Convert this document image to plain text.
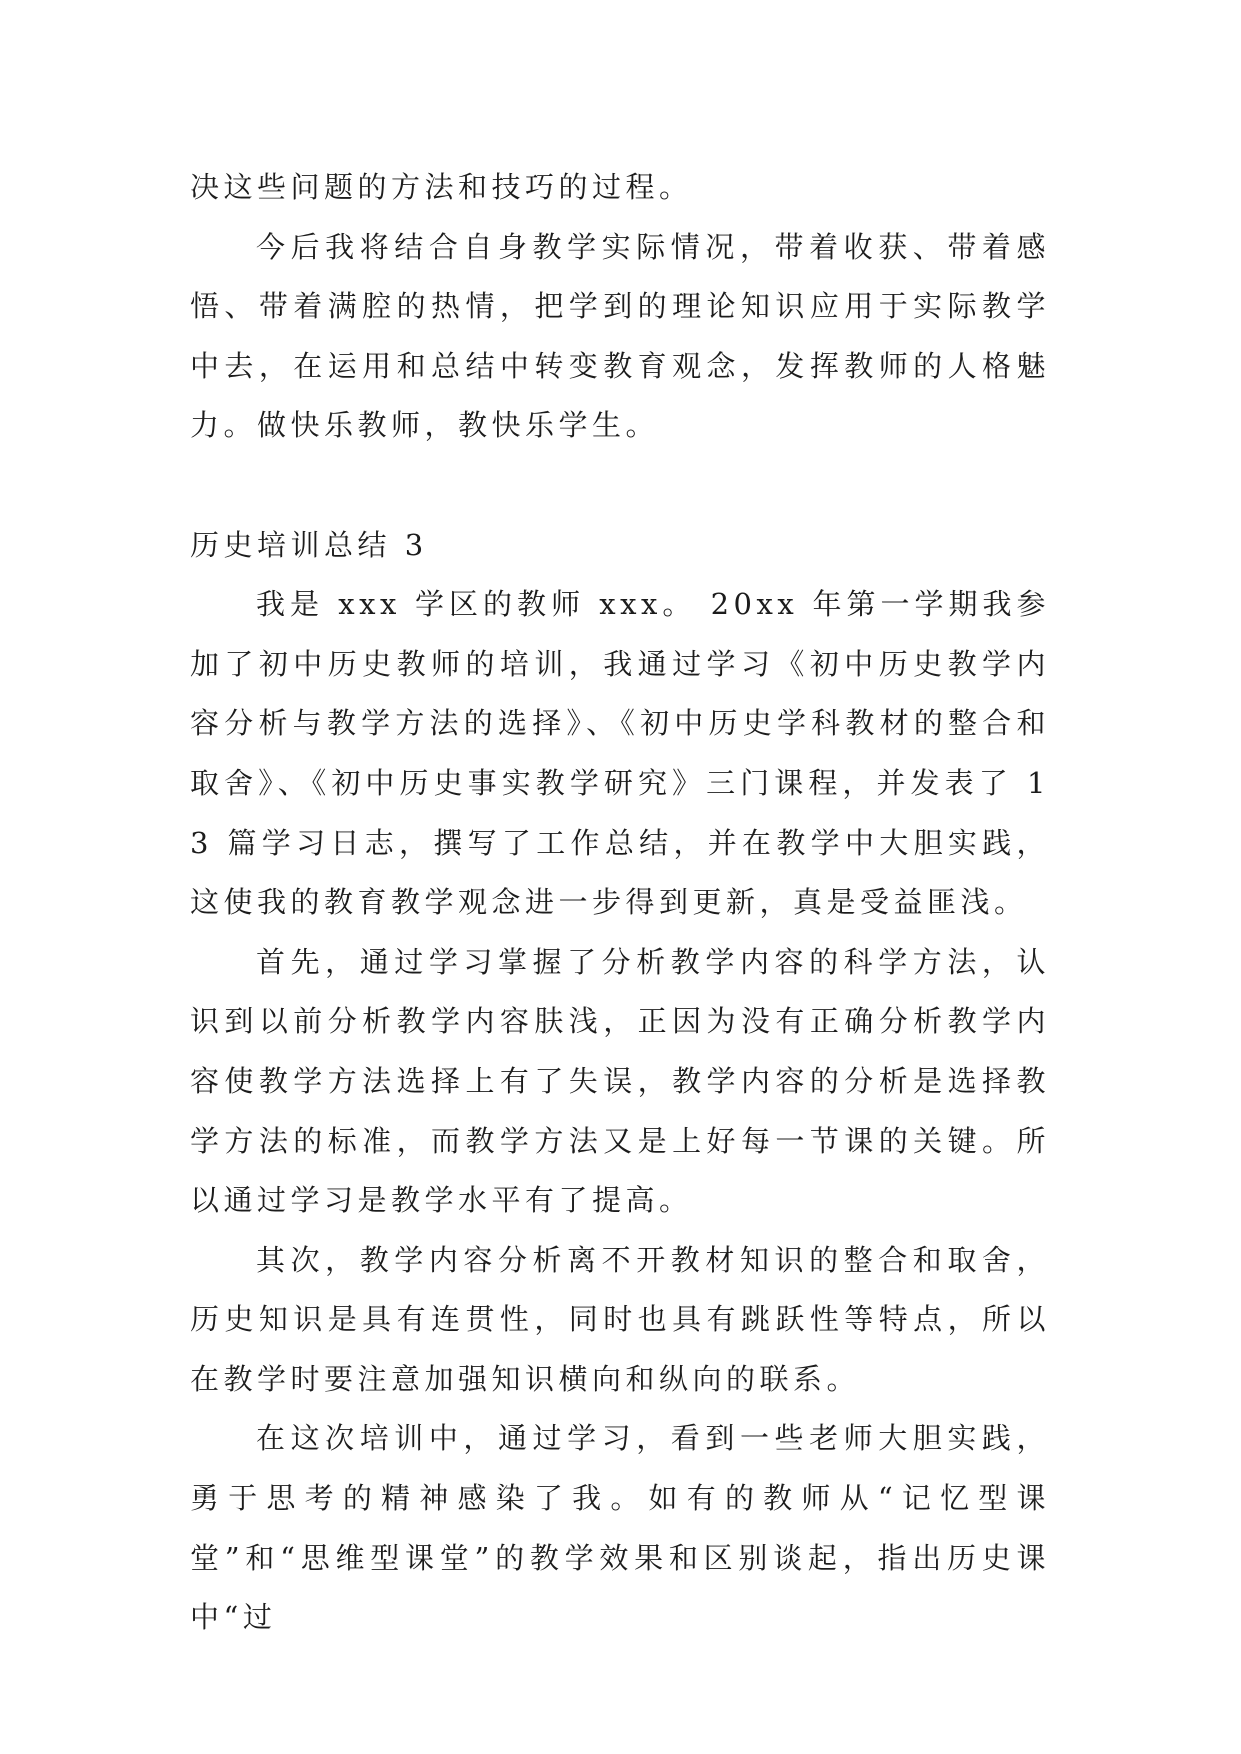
决这些问题的方法和技巧的过程。

今后我将结合自身教学实际情况，带着收获、带着感悟、带着满腔的热情，把学到的理论知识应用于实际教学中去，在运用和总结中转变教育观念，发挥教师的人格魅力。做快乐教师，教快乐学生。

历史培训总结 3

我是 xxx 学区的教师 xxx。 20xx 年第一学期我参加了初中历史教师的培训，我通过学习《初中历史教学内容分析与教学方法的选择》、《初中历史学科教材的整合和取舍》、《初中历史事实教学研究》三门课程，并发表了 13 篇学习日志，撰写了工作总结，并在教学中大胆实践，这使我的教育教学观念进一步得到更新，真是受益匪浅。

首先，通过学习掌握了分析教学内容的科学方法，认识到以前分析教学内容肤浅，正因为没有正确分析教学内容使教学方法选择上有了失误，教学内容的分析是选择教学方法的标准，而教学方法又是上好每一节课的关键。所以通过学习是教学水平有了提高。

其次，教学内容分析离不开教材知识的整合和取舍，历史知识是具有连贯性，同时也具有跳跃性等特点，所以在教学时要注意加强知识横向和纵向的联系。

在这次培训中，通过学习，看到一些老师大胆实践，勇于思考的精神感染了我。如有的教师从“记忆型课堂”和“思维型课堂”的教学效果和区别谈起，指出历史课中“过
